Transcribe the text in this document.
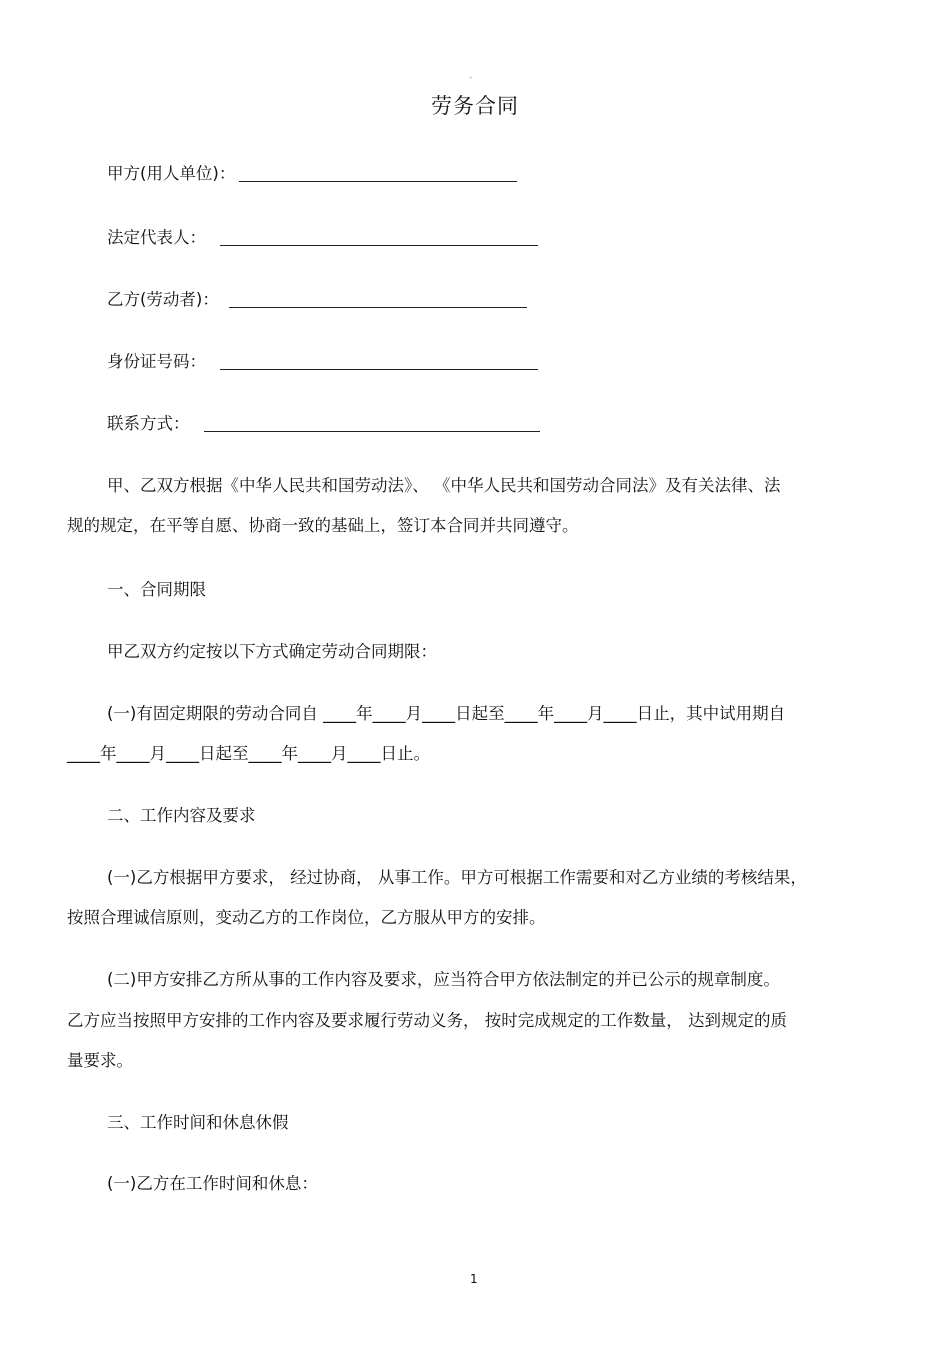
。
劳务合同
甲方(用人单位)：
法定代表人：
乙方(劳动者)：
身份证号码：
联系方式：
甲、乙双方根据《中华人民共和国劳动法》、 《中华人民共和国劳动合同法》及有关法律、法
规的规定，在平等自愿、协商一致的基础上，签订本合同并共同遵守。
一、合同期限
甲乙双方约定按以下方式确定劳动合同期限：
(一)有固定期限的劳动合同自 ____年____月____日起至____年____月____日止，其中试用期自
____年____月____日起至____年____月____日止。
二、工作内容及要求
(一)乙方根据甲方要求， 经过协商， 从事工作。甲方可根据工作需要和对乙方业绩的考核结果，
按照合理诚信原则，变动乙方的工作岗位，乙方服从甲方的安排。
(二)甲方安排乙方所从事的工作内容及要求，应当符合甲方依法制定的并已公示的规章制度。
乙方应当按照甲方安排的工作内容及要求履行劳动义务， 按时完成规定的工作数量， 达到规定的质
量要求。
三、工作时间和休息休假
(一)乙方在工作时间和休息：
1
